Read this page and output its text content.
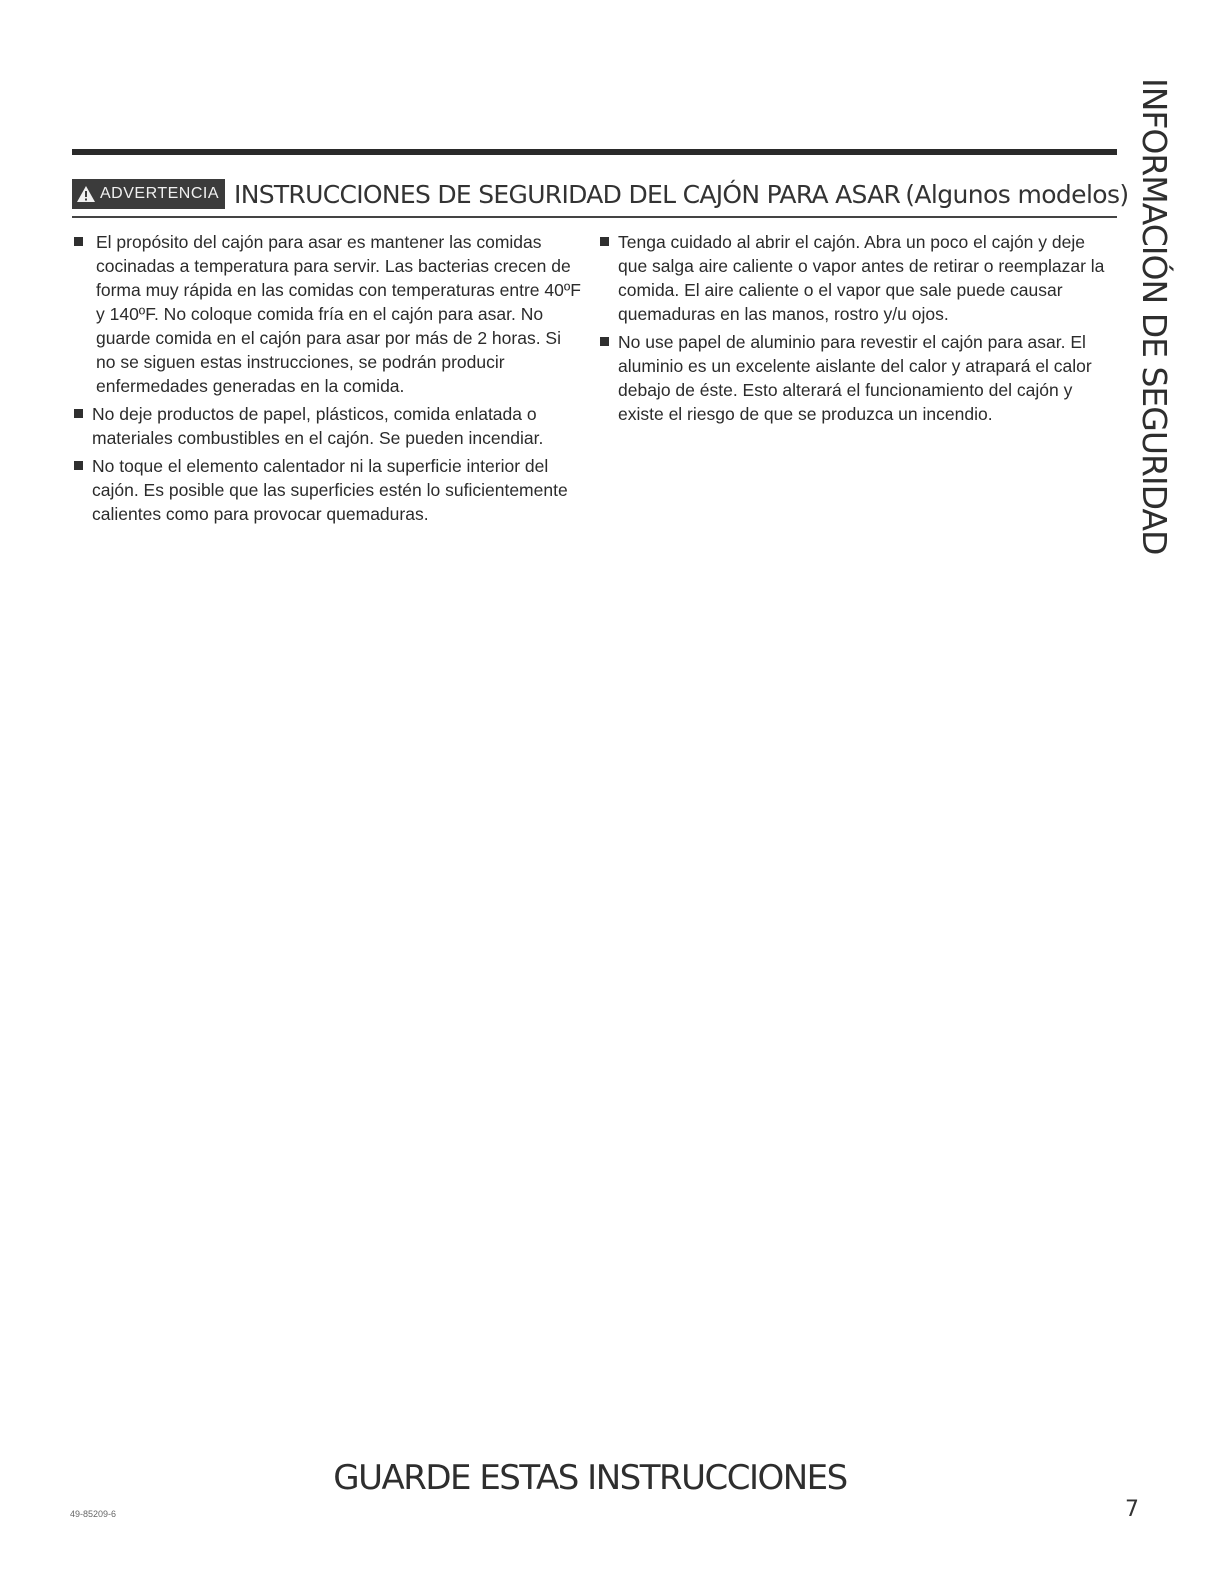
ADVERTENCIA INSTRUCCIONES DE SEGURIDAD DEL CAJÓN PARA ASAR (Algunos modelos)
El propósito del cajón para asar es mantener las comidas cocinadas a temperatura para servir. Las bacterias crecen de forma muy rápida en las comidas con temperaturas entre 40ºF y 140ºF. No coloque comida fría en el cajón para asar. No guarde comida en el cajón para asar por más de 2 horas. Si no se siguen estas instrucciones, se podrán producir enfermedades generadas en la comida.
No deje productos de papel, plásticos, comida enlatada o materiales combustibles en el cajón. Se pueden incendiar.
No toque el elemento calentador ni la superficie interior del cajón. Es posible que las superficies estén lo suficientemente calientes como para provocar quemaduras.
Tenga cuidado al abrir el cajón. Abra un poco el cajón y deje que salga aire caliente o vapor antes de retirar o reemplazar la comida. El aire caliente o el vapor que sale puede causar quemaduras en las manos, rostro y/u ojos.
No use papel de aluminio para revestir el cajón para asar. El aluminio es un excelente aislante del calor y atrapará el calor debajo de éste. Esto alterará el funcionamiento del cajón y existe el riesgo de que se produzca un incendio.	INFORMACIÓN DE SEGURIDAD
GUARDE ESTAS INSTRUCCIONES
49-85209-6	7
